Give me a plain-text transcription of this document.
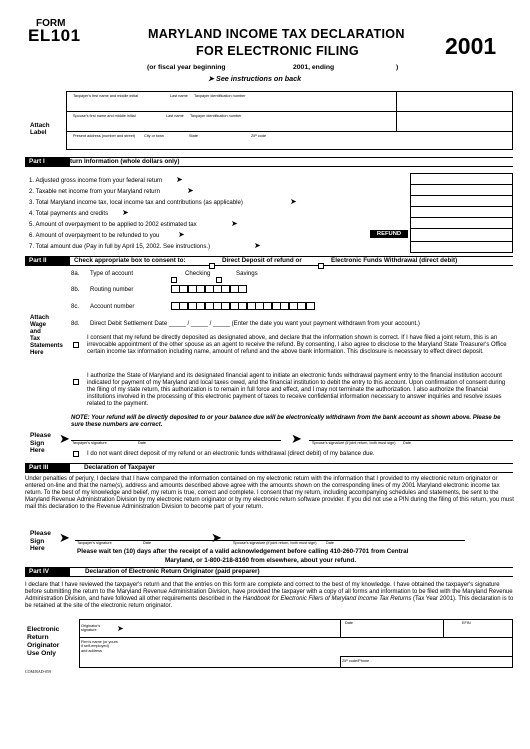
FORM
EL101	MARYLAND INCOME TAX DECLARATION
FOR ELECTRONIC FILING	2001
(or fiscal year beginning	2001, ending	)
➤ See instructions on back
Attach
Label
Taxpayer's first name and middle initial	Last name Taxpayer identification number
Spouse's first name and middle initial	Last name Taxpayer identification number
Present address (number and street) City or town	State	ZIP code
Part I	turn Information (whole dollars only)
1. Adjusted gross income from your federal return ➤
2. Taxable net income from your Maryland return	➤
3. Total Maryland income tax, local income tax and contributions (as applicable)	➤
4. Total payments and credits ➤
5. Amount of overpayment to be applied to 2002 estimated tax	➤
6. Amount of overpayment to be refunded to you ➤
7. Total amount due (Pay in full by April 15, 2002. See instructions.)	➤
REFUND
Part II	Check appropriate box to consent to:	Direct Deposit of refund or	Electronic Funds Withdrawal (direct debit)
Attach
Wage
and
Tax
Statements
Here
8a. Type of account	Checking	Savings
8b. Routing number
8c. Account number
8d. Direct Debit Settlement Date _____ / _____ / _____ (Enter the date you want your payment withdrawn from your account.)
I consent that my refund be directly deposited as designated above, and declare that the information shown is correct. If I have filed a joint return, this is an irrevocable appointment of the other spouse as an agent to receive the refund. By consenting, I also agree to disclose to the Maryland State Treasurer's Office certain income tax information including name, amount of refund and the above bank information. This disclosure is necessary to effect direct deposit.
I authorize the State of Maryland and its designated financial agent to initiate an electronic funds withdrawal payment entry to the financial institution account indicated for payment of my Maryland and local taxes owed, and the financial institution to debit the entry to this account. Upon confirmation of consent during the filing of my state return, this authorization is to remain in full force and effect, and I may not terminate the authorization. I also authorize the financial institutions involved in the processing of this electronic payment of taxes to receive confidential information necessary to answer inquiries and resolve issues related to the payment.
NOTE: Your refund will be directly deposited to or your balance due will be electronically withdrawn from the bank account as shown above. Please be sure these numbers are correct.
Please
Sign
Here
➤ Taxpayer's signature	Date	➤	Spouse's signature (if joint return, both must sign) Date
I do not want direct deposit of my refund or an electronic funds withdrawal (direct debit) of my balance due.
Part III	Declaration of Taxpayer
Under penalties of perjury, I declare that I have compared the information contained on my electronic return with the information that I provided to my electronic return originator or entered on-line and that the name(s), address and amounts described above agree with the amounts shown on the corresponding lines of my 2001 Maryland electronic income tax return. To the best of my knowledge and belief, my return is true, correct and complete. I consent that my return, including accompanying schedules and statements, be sent to the Maryland Revenue Administration Division by my electronic return originator or by my electronic return software provider. If you did not use a PIN during the filing of this return, you must mail this declaration to the Revenue Administration Division to become part of your return.
Please
Sign
Here
➤ Taxpayer's signature	Date	➤	Spouse's signature (if joint return, both must sign)	Date
Please wait ten (10) days after the receipt of a valid acknowledgement before calling 410-260-7701 from Central
Maryland, or 1-800-218-8160 from elsewhere, about your refund.
Part IV	Declaration of Electronic Return Originator (paid preparer)
I declare that I have reviewed the taxpayer's return and that the entries on this form are complete and correct to the best of my knowledge. I have obtained the taxpayer's signature before submitting the return to the Maryland Revenue Administration Division, have provided the taxpayer with a copy of all forms and information to be filed with the Maryland Revenue Administration Division, and have followed all other requirements described in the Handbook for Electronic Filers of Maryland Income Tax Returns (Tax Year 2001). This declaration is to be retained at the site of the electronic return originator.
Electronic
Return
Originator
Use Only
Originator's
signature	➤
Date	EFIN
Firm's name (or yours
if self-employed)
and address
ZIP code/Phone
COM/RAD-059
